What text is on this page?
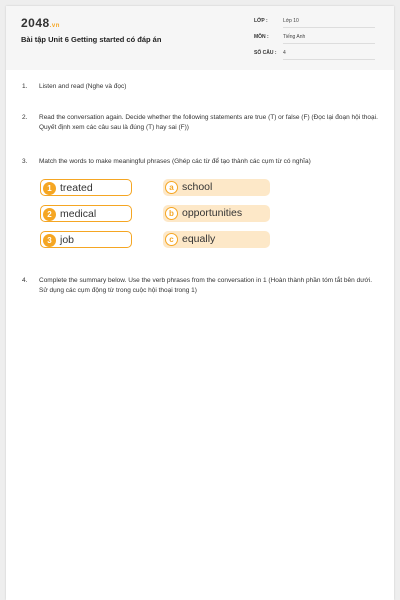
2048.vn
Bài tập Unit 6 Getting started có đáp án
LỚP :	Lớp 10
MÔN :	Tiếng Anh
SỐ CÂU :	4
1. Listen and read (Nghe và đọc)
2. Read the conversation again. Decide whether the following statements are true (T) or false (F) (Đọc lại đoạn hội thoại. Quyết định xem các câu sau là đúng (T) hay sai (F))
3. Match the words to make meaningful phrases (Ghép các từ để tạo thành các cụm từ có nghĩa)
1 treated
2 medical
3 job
a school
b opportunities
c equally
4. Complete the summary below. Use the verb phrases from the conversation in 1 (Hoàn thành phần tóm tắt bên dưới. Sử dụng các cụm động từ trong cuộc hội thoại trong 1)
